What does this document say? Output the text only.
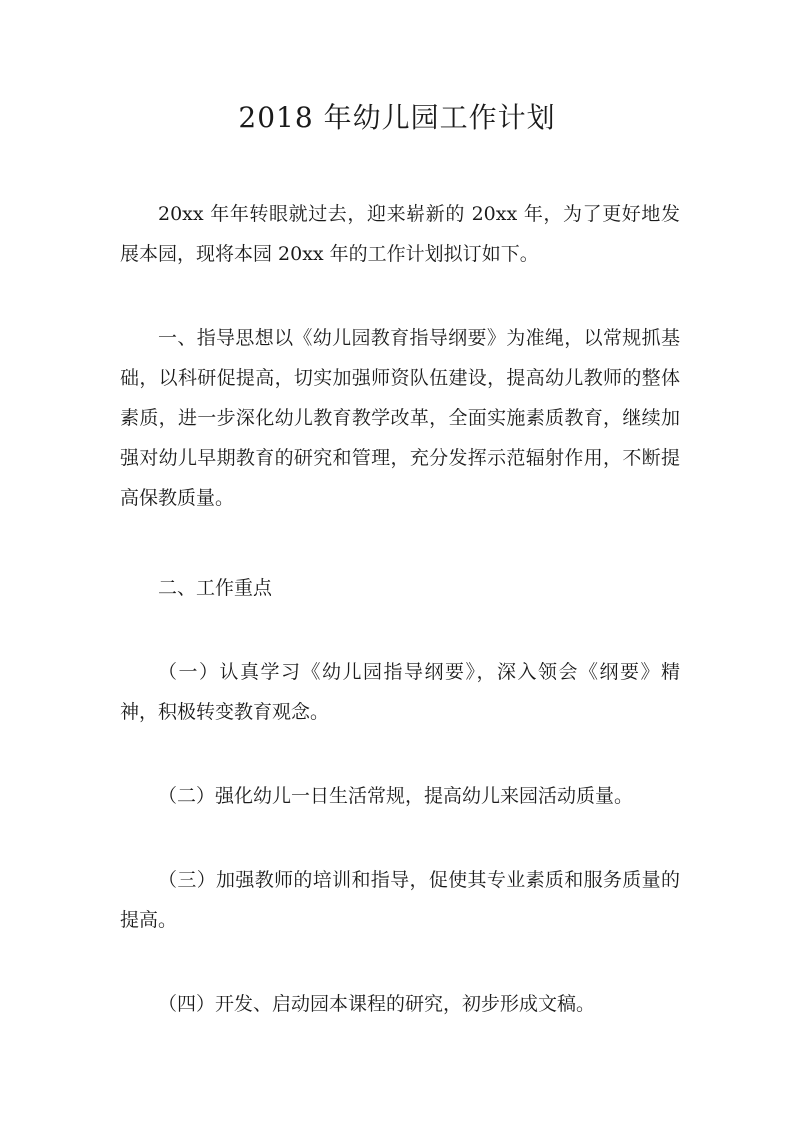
2018 年幼儿园工作计划

20xx 年年转眼就过去，迎来崭新的 20xx 年，为了更好地发展本园，现将本园 20xx 年的工作计划拟订如下。

一、指导思想以《幼儿园教育指导纲要》为准绳，以常规抓基础，以科研促提高，切实加强师资队伍建设，提高幼儿教师的整体素质，进一步深化幼儿教育教学改革，全面实施素质教育，继续加强对幼儿早期教育的研究和管理，充分发挥示范辐射作用，不断提高保教质量。

二、工作重点

（一）认真学习《幼儿园指导纲要》，深入领会《纲要》精神，积极转变教育观念。

（二）强化幼儿一日生活常规，提高幼儿来园活动质量。

（三）加强教师的培训和指导，促使其专业素质和服务质量的提高。

（四）开发、启动园本课程的研究，初步形成文稿。
